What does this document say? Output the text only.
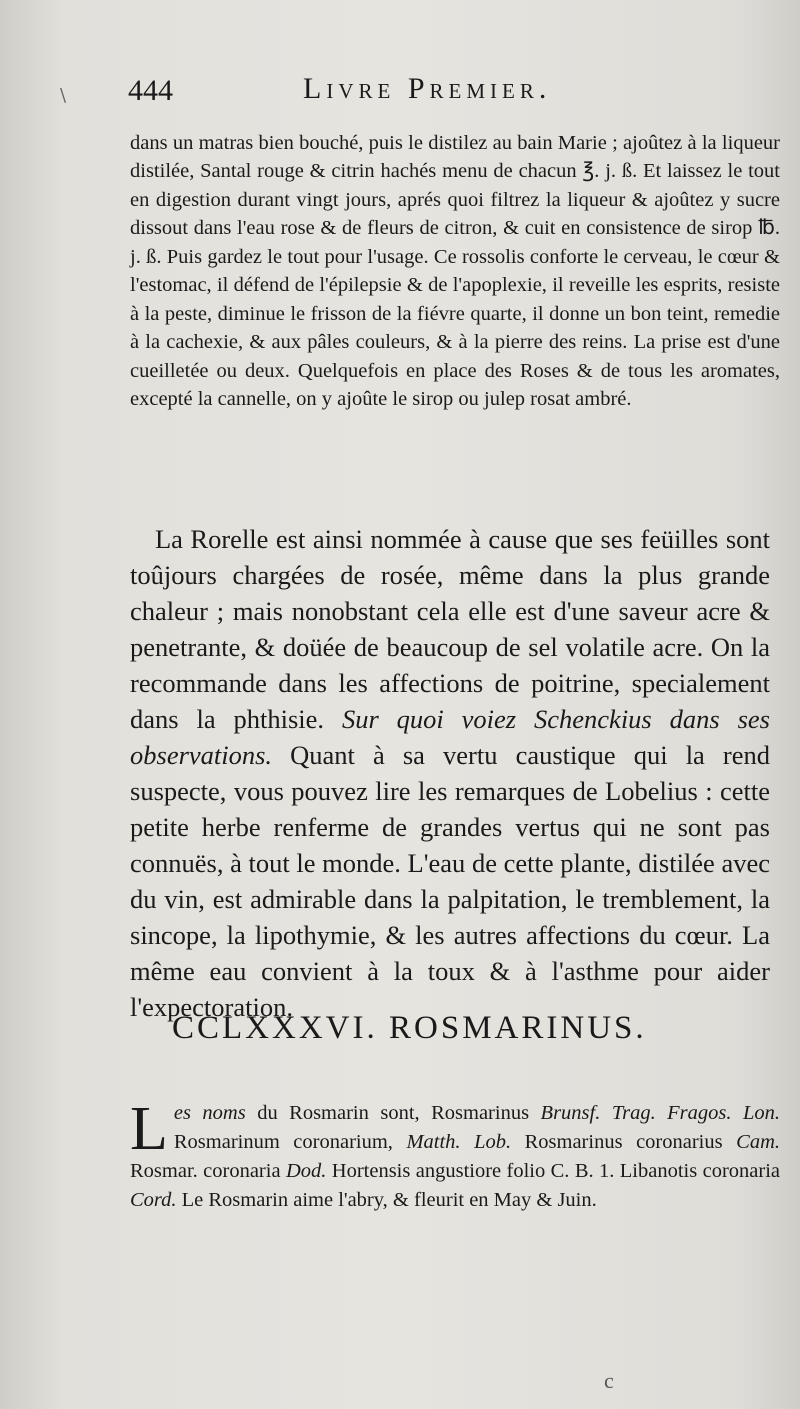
\ 444	Livre Premier.

dans un matras bien bouché, puis le distilez au bain Marie ; ajoûtez à la liqueur distilée, Santal rouge & citrin hachés menu de chacun ℥. j. ß. Et laissez le tout en digestion durant vingt jours, aprés quoi filtrez la liqueur & ajoûtez y sucre dissout dans l'eau rose & de fleurs de citron, & cuit en consistence de sirop ℔. j. ß. Puis gardez le tout pour l'usage. Ce rossolis conforte le cerveau, le cœur & l'estomac, il défend de l'épilepsie & de l'apoplexie, il reveille les esprits, resiste à la peste, diminue le frisson de la fiévre quarte, il donne un bon teint, remedie à la cachexie, & aux pâles couleurs, & à la pierre des reins. La prise est d'une cueilletée ou deux. Quelquefois en place des Roses & de tous les aromates, excepté la cannelle, on y ajoûte le sirop ou julep rosat ambré.

La Rorelle est ainsi nommée à cause que ses feüilles sont toûjours chargées de rosée, même dans la plus grande chaleur ; mais nonobstant cela elle est d'une saveur acre & penetrante, & doüée de beaucoup de sel volatile acre. On la recommande dans les affections de poitrine, specialement dans la phthisie. Sur quoi voiez Schenckius dans ses observations. Quant à sa vertu caustique qui la rend suspecte, vous pouvez lire les remarques de Lobelius : cette petite herbe renferme de grandes vertus qui ne sont pas connuës, à tout le monde. L'eau de cette plante, distilée avec du vin, est admirable dans la palpitation, le tremblement, la sincope, la lipothymie, & les autres affections du cœur. La même eau convient à la toux & à l'asthme pour aider l'expectoration.

CCLXXXVI. ROSMARINUS.

Les noms du Rosmarin sont, Rosmarinus Brunsf. Trag. Fragos. Lon. Rosmarinum coronarium, Matth. Lob. Rosmarinus coronarius Cam. Rosmar. coronaria Dod. Hortensis angustiore folio C. B. 1. Libanotis coronaria Cord. Le Rosmarin aime l'abry, & fleurit en May & Juin.

c
